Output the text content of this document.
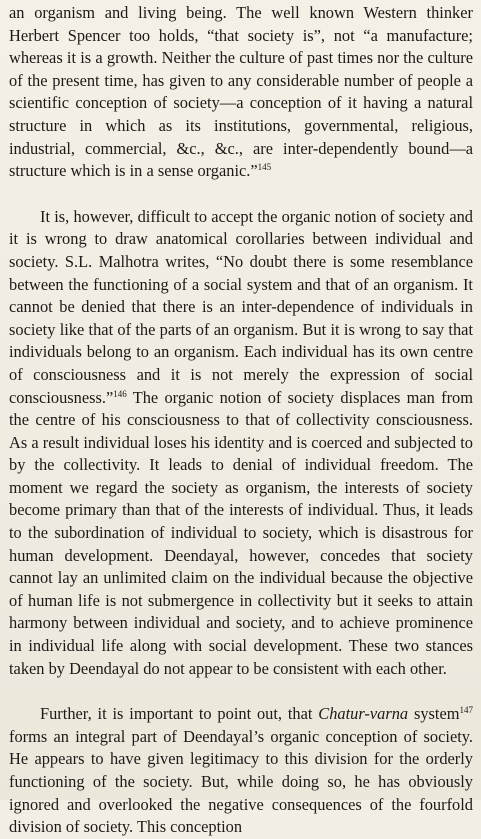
an organism and living being. The well known Western thinker Herbert Spencer too holds, “that society is”, not “a manufacture; whereas it is a growth. Neither the culture of past times nor the culture of the present time, has given to any considerable number of people a scientific conception of society—a conception of it having a natural structure in which as its institutions, governmental, religious, industrial, commercial, &c., &c., are inter-dependently bound—a structure which is in a sense organic.”$^{145}$

It is, however, difficult to accept the organic notion of society and it is wrong to draw anatomical corollaries between individual and society. S.L. Malhotra writes, “No doubt there is some resemblance between the functioning of a social system and that of an organism. It cannot be denied that there is an inter-dependence of individuals in society like that of the parts of an organism. But it is wrong to say that individuals belong to an organism. Each individual has its own centre of consciousness and it is not merely the expression of social consciousness.”$^{146}$ The organic notion of society displaces man from the centre of his consciousness to that of collectivity consciousness. As a result individual loses his identity and is coerced and subjected to by the collectivity. It leads to denial of individual freedom. The moment we regard the society as organism, the interests of society become primary than that of the interests of individual. Thus, it leads to the subordination of individual to society, which is disastrous for human development. Deendayal, however, concedes that society cannot lay an unlimited claim on the individual because the objective of human life is not submergence in collectivity but it seeks to attain harmony between individual and society, and to achieve prominence in individual life along with social development. These two stances taken by Deendayal do not appear to be consistent with each other.

Further, it is important to point out, that Chatur-varna system$^{147}$ forms an integral part of Deendayal’s organic conception of society. He appears to have given legitimacy to this division for the orderly functioning of the society. But, while doing so, he has obviously ignored and overlooked the negative consequences of the fourfold division of society. This conception
